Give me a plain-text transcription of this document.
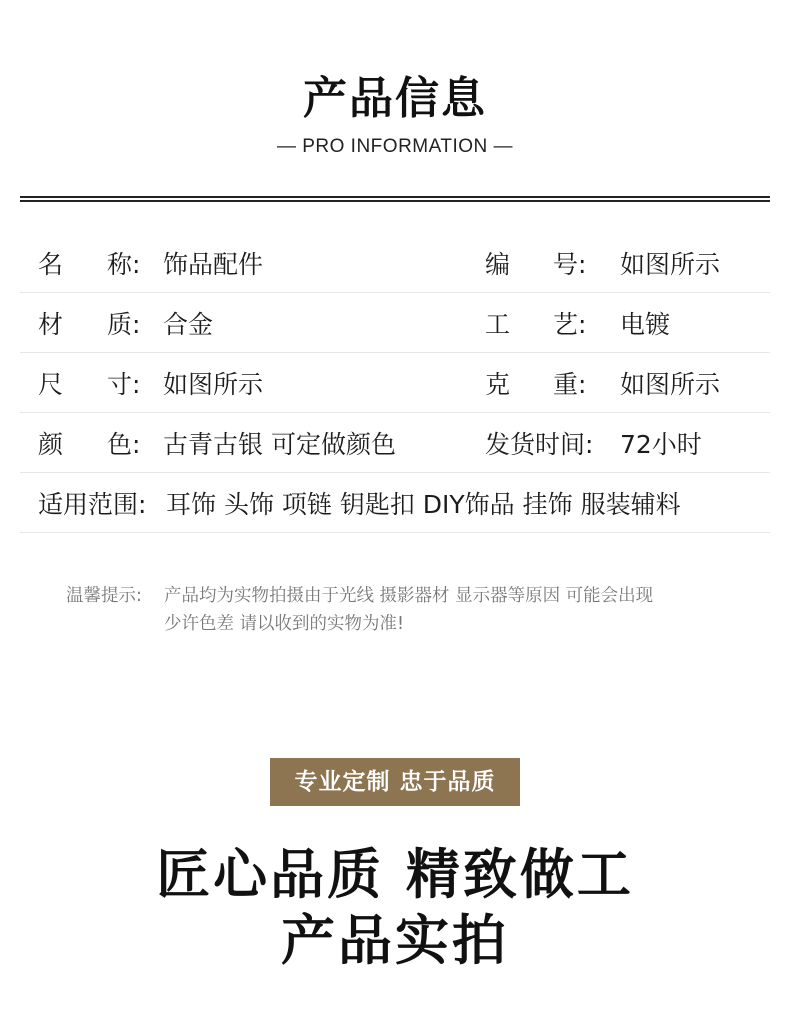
产品信息
— PRO INFORMATION —
名 称: 饰品配件	编 号: 如图所示
材 质: 合金	工 艺: 电镀
尺 寸: 如图所示	克 重: 如图所示
颜 色: 古青古银 可定做颜色	发货时间: 72小时
适用范围: 耳饰 头饰 项链 钥匙扣 DIY饰品 挂饰 服装辅料
温馨提示: 产品均为实物拍摄由于光线 摄影器材 显示器等原因 可能会出现
少许色差 请以收到的实物为准!
专业定制 忠于品质
匠心品质 精致做工
产品实拍
